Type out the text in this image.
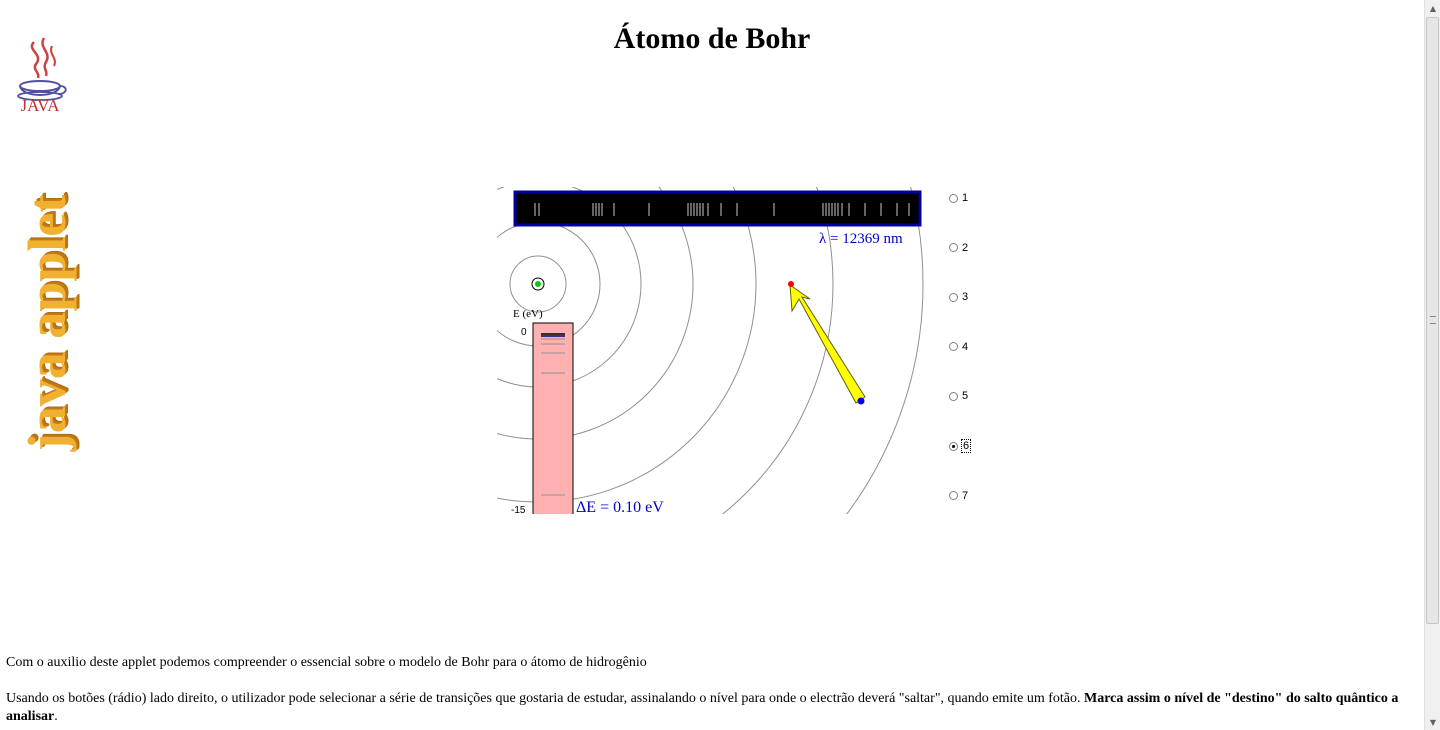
Átomo de Bohr
JAVA
java applet	λ = 12369 nm
E (eV)
0
-15	ΔE = 0.10 eV
1
2
3
4
5
6
7
Com o auxilio deste applet podemos compreender o essencial sobre o modelo de Bohr para o átomo de hidrogênio
Usando os botões (rádio) lado direito, o utilizador pode selecionar a série de transições que gostaria de estudar, assinalando o nível para onde o electrão deverá "saltar", quando emite um fotão. Marca assim o nível de "destino" do salto quântico a analisar.
▲
▼
